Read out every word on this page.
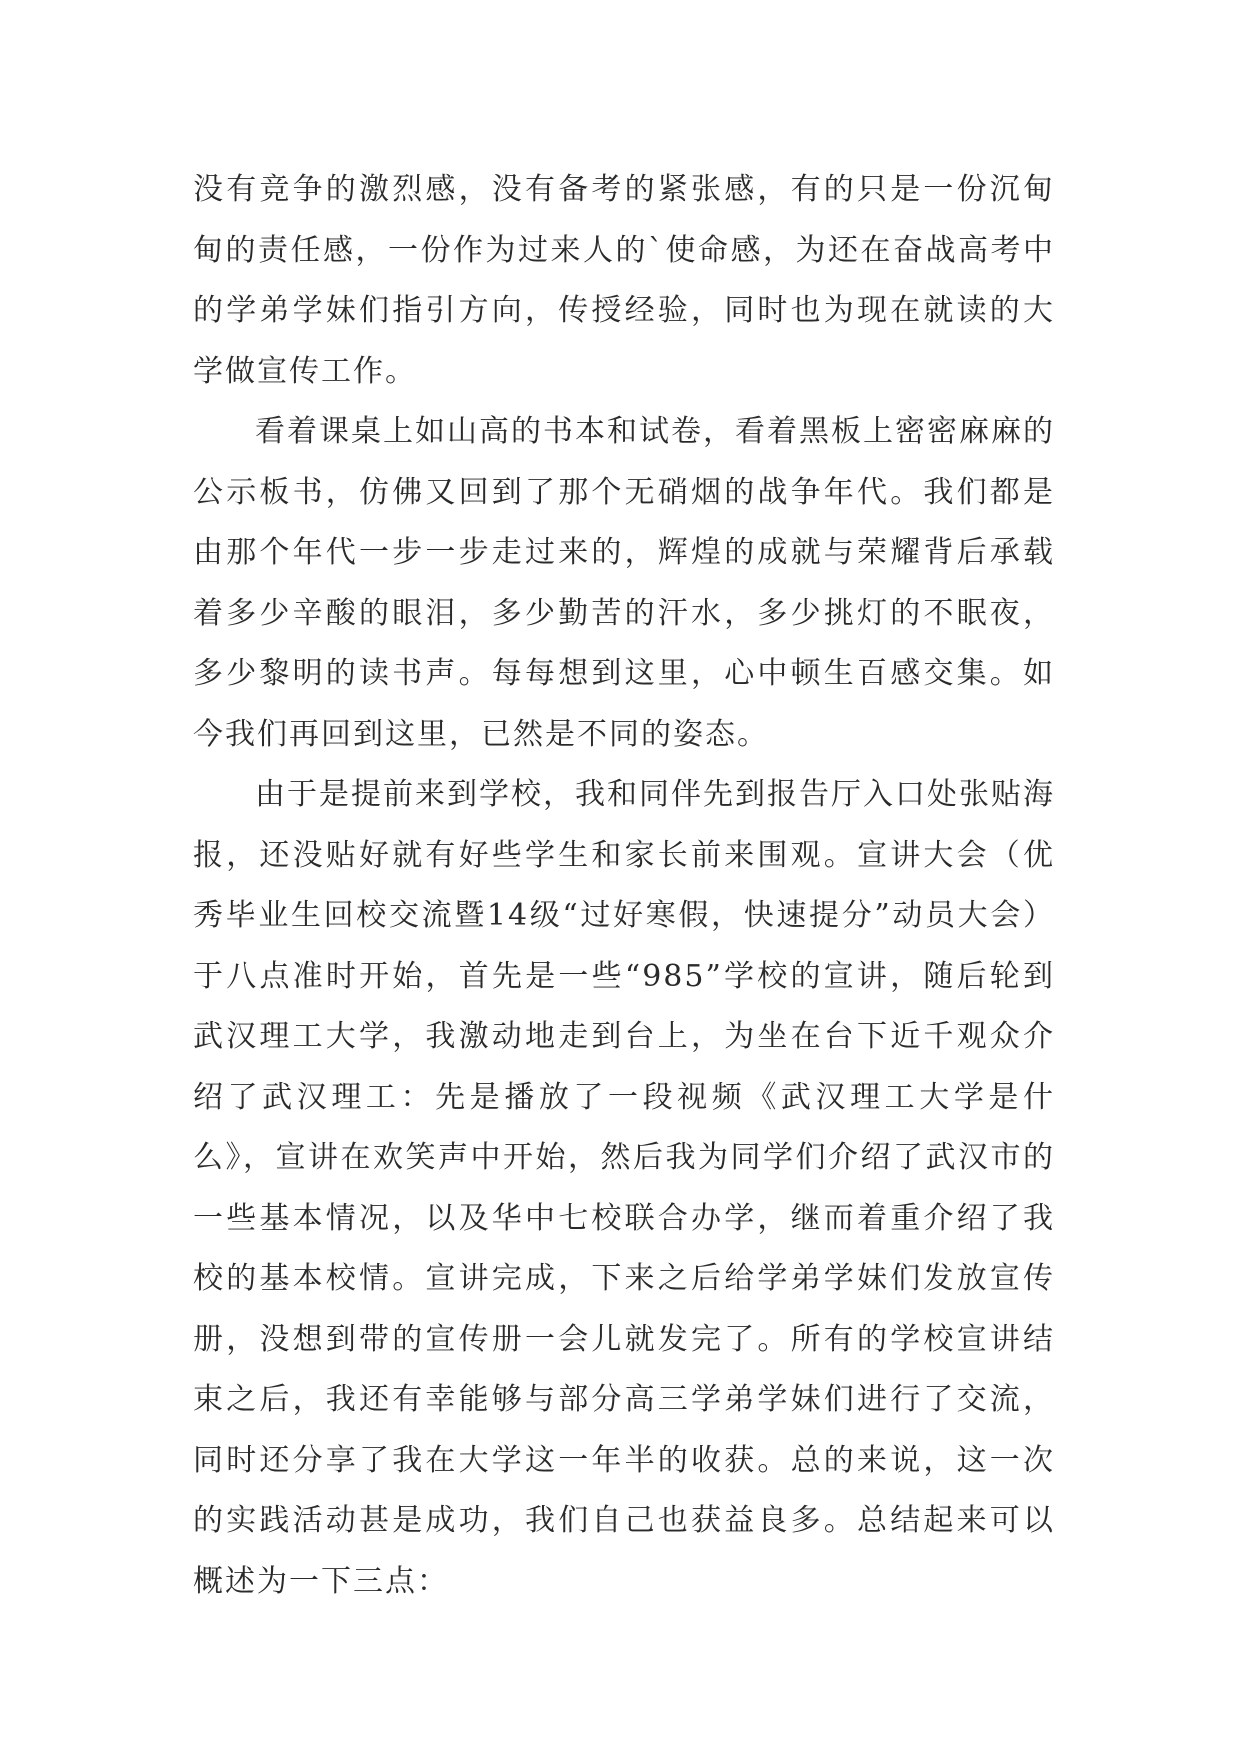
没有竞争的激烈感，没有备考的紧张感，有的只是一份沉甸甸的责任感，一份作为过来人的`使命感，为还在奋战高考中的学弟学妹们指引方向，传授经验，同时也为现在就读的大学做宣传工作。

看着课桌上如山高的书本和试卷，看着黑板上密密麻麻的公示板书，仿佛又回到了那个无硝烟的战争年代。我们都是由那个年代一步一步走过来的，辉煌的成就与荣耀背后承载着多少辛酸的眼泪，多少勤苦的汗水，多少挑灯的不眠夜，多少黎明的读书声。每每想到这里，心中顿生百感交集。如今我们再回到这里，已然是不同的姿态。

由于是提前来到学校，我和同伴先到报告厅入口处张贴海报，还没贴好就有好些学生和家长前来围观。宣讲大会（优秀毕业生回校交流暨14级“过好寒假，快速提分”动员大会）于八点准时开始，首先是一些“985”学校的宣讲，随后轮到武汉理工大学，我激动地走到台上，为坐在台下近千观众介绍了武汉理工：先是播放了一段视频《武汉理工大学是什么》，宣讲在欢笑声中开始，然后我为同学们介绍了武汉市的一些基本情况，以及华中七校联合办学，继而着重介绍了我校的基本校情。宣讲完成，下来之后给学弟学妹们发放宣传册，没想到带的宣传册一会儿就发完了。所有的学校宣讲结束之后，我还有幸能够与部分高三学弟学妹们进行了交流，同时还分享了我在大学这一年半的收获。总的来说，这一次的实践活动甚是成功，我们自己也获益良多。总结起来可以概述为一下三点：
